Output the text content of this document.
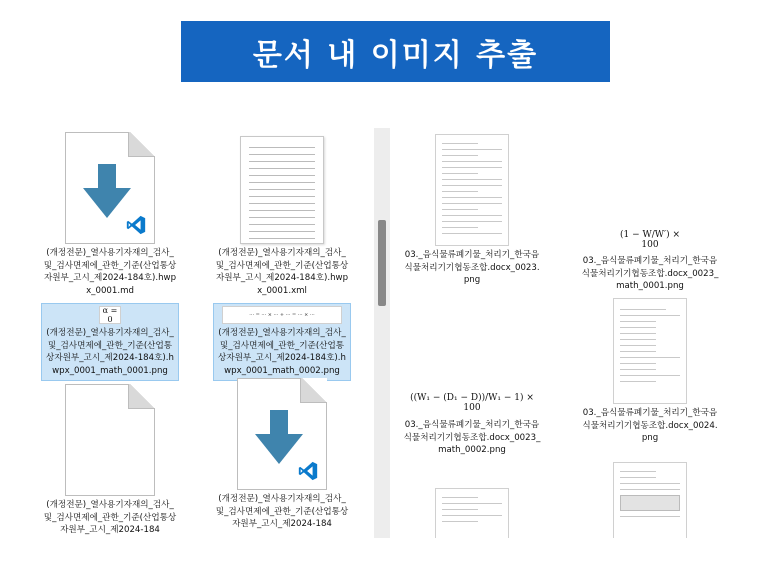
문서 내 이미지 추출
(개정전문)_열사용기자재의_검사_및_검사면제에_관한_기준(산업통상자원부_고시_제2024-184호).hwpx_0001.md
(개정전문)_열사용기자재의_검사_및_검사면제에_관한_기준(산업통상자원부_고시_제2024-184호).hwpx_0001.xml
α = 0
(개정전문)_열사용기자재의_검사_및_검사면제에_관한_기준(산업통상자원부_고시_제2024-184호).hwpx_0001_math_0001.png
··· = ··· × ··· + ··· = ··· × ···
(개정전문)_열사용기자재의_검사_및_검사면제에_관한_기준(산업통상자원부_고시_제2024-184호).hwpx_0001_math_0002.png
(개정전문)_열사용기자재의_검사_및_검사면제에_관한_기준(산업통상자원부_고시_제2024-184
(개정전문)_열사용기자재의_검사_및_검사면제에_관한_기준(산업통상자원부_고시_제2024-184
03._음식물류폐기물_처리기_한국음식물처리기기협동조합.docx_0023.png
(1 − W/W′) × 100
03._음식물류폐기물_처리기_한국음식물처리기기협동조합.docx_0023_math_0001.png
((W₁ − (D₁ − D))/W₁ − 1) × 100
03._음식물류폐기물_처리기_한국음식물처리기기협동조합.docx_0023_math_0002.png
03._음식물류폐기물_처리기_한국음식물처리기기협동조합.docx_0024.png
